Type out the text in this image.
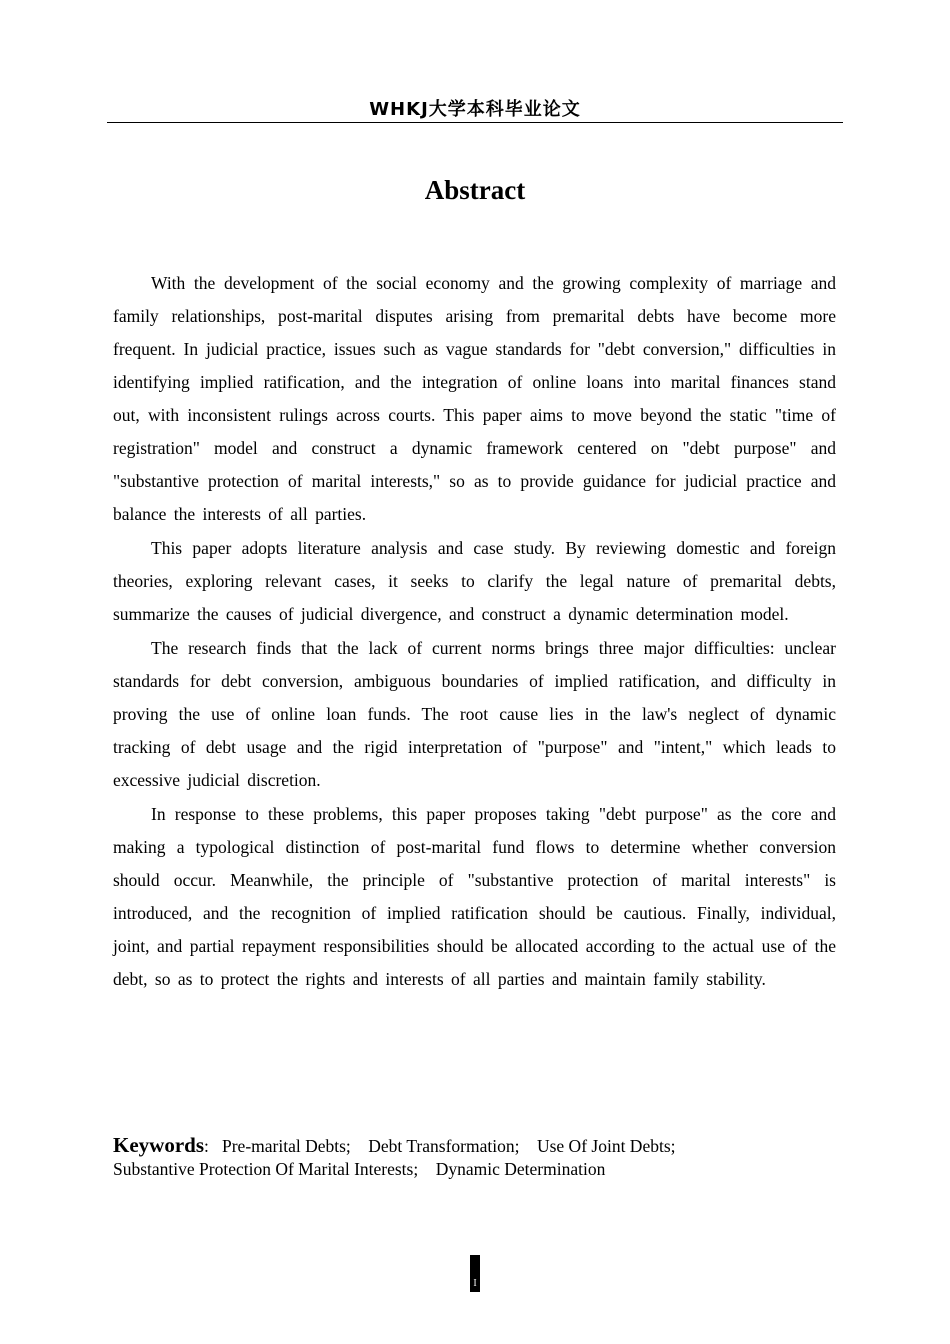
WHKJ大学本科毕业论文
Abstract

With the development of the social economy and the growing complexity of marriage and family relationships, post-marital disputes arising from premarital debts have become more frequent. In judicial practice, issues such as vague standards for "debt conversion," difficulties in identifying implied ratification, and the integration of online loans into marital finances stand out, with inconsistent rulings across courts. This paper aims to move beyond the static "time of registration" model and construct a dynamic framework centered on "debt purpose" and "substantive protection of marital interests," so as to provide guidance for judicial practice and balance the interests of all parties.

This paper adopts literature analysis and case study. By reviewing domestic and foreign theories, exploring relevant cases, it seeks to clarify the legal nature of premarital debts, summarize the causes of judicial divergence, and construct a dynamic determination model.

The research finds that the lack of current norms brings three major difficulties: unclear standards for debt conversion, ambiguous boundaries of implied ratification, and difficulty in proving the use of online loan funds. The root cause lies in the law's neglect of dynamic tracking of debt usage and the rigid interpretation of "purpose" and "intent," which leads to excessive judicial discretion.

In response to these problems, this paper proposes taking "debt purpose" as the core and making a typological distinction of post-marital fund flows to determine whether conversion should occur. Meanwhile, the principle of "substantive protection of marital interests" is introduced, and the recognition of implied ratification should be cautious. Finally, individual, joint, and partial repayment responsibilities should be allocated according to the actual use of the debt, so as to protect the rights and interests of all parties and maintain family stability.

Keywords: Pre-marital Debts; Debt Transformation; Use Of Joint Debts;
Substantive Protection Of Marital Interests; Dynamic Determination
I
